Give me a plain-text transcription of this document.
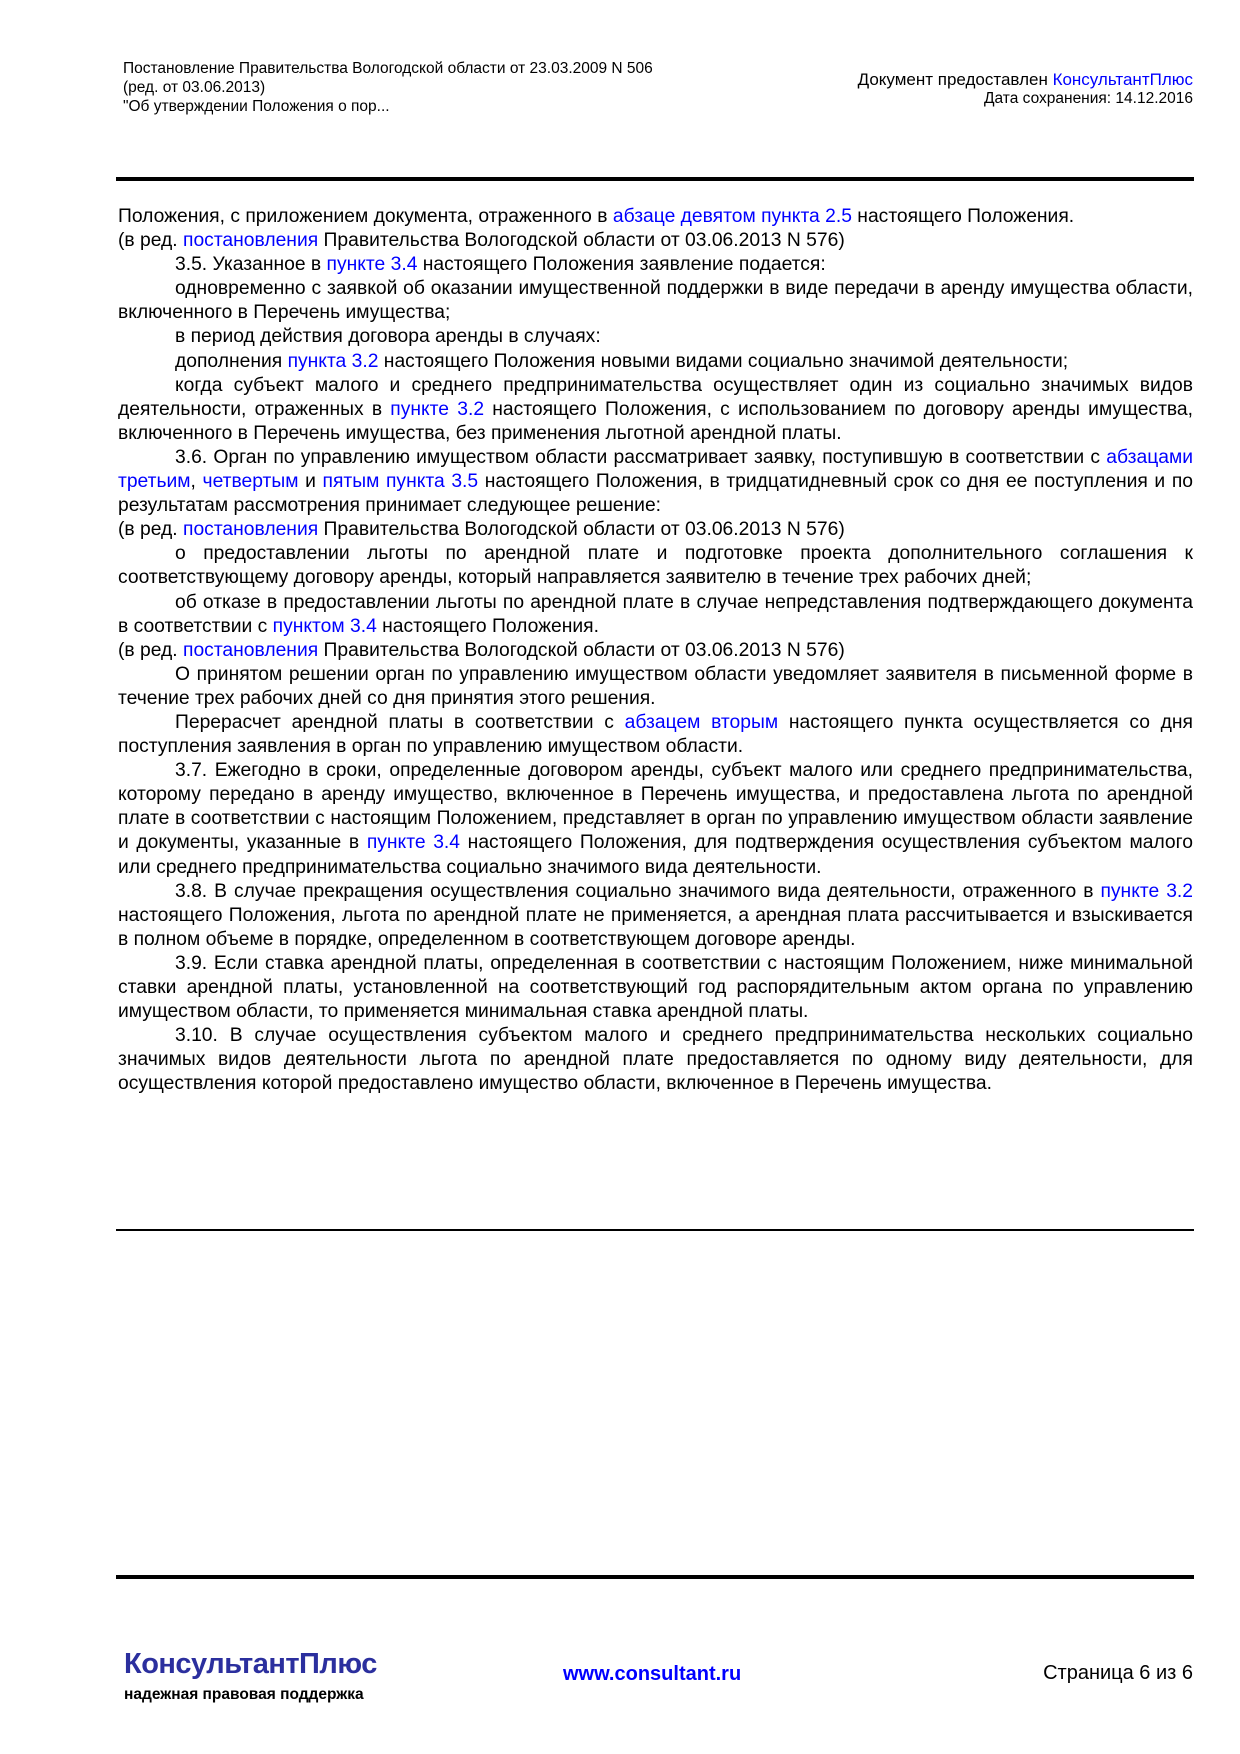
Постановление Правительства Вологодской области от 23.03.2009 N 506
(ред. от 03.06.2013)
"Об утверждении Положения о пор...
Документ предоставлен КонсультантПлюс
Дата сохранения: 14.12.2016

Положения, с приложением документа, отраженного в абзаце девятом пункта 2.5 настоящего Положения.

(в ред. постановления Правительства Вологодской области от 03.06.2013 N 576)

3.5. Указанное в пункте 3.4 настоящего Положения заявление подается:

одновременно с заявкой об оказании имущественной поддержки в виде передачи в аренду имущества области, включенного в Перечень имущества;

в период действия договора аренды в случаях:

дополнения пункта 3.2 настоящего Положения новыми видами социально значимой деятельности;

когда субъект малого и среднего предпринимательства осуществляет один из социально значимых видов деятельности, отраженных в пункте 3.2 настоящего Положения, с использованием по договору аренды имущества, включенного в Перечень имущества, без применения льготной арендной платы.

3.6. Орган по управлению имуществом области рассматривает заявку, поступившую в соответствии с абзацами третьим, четвертым и пятым пункта 3.5 настоящего Положения, в тридцатидневный срок со дня ее поступления и по результатам рассмотрения принимает следующее решение:

(в ред. постановления Правительства Вологодской области от 03.06.2013 N 576)

о предоставлении льготы по арендной плате и подготовке проекта дополнительного соглашения к соответствующему договору аренды, который направляется заявителю в течение трех рабочих дней;

об отказе в предоставлении льготы по арендной плате в случае непредставления подтверждающего документа в соответствии с пунктом 3.4 настоящего Положения.

(в ред. постановления Правительства Вологодской области от 03.06.2013 N 576)

О принятом решении орган по управлению имуществом области уведомляет заявителя в письменной форме в течение трех рабочих дней со дня принятия этого решения.

Перерасчет арендной платы в соответствии с абзацем вторым настоящего пункта осуществляется со дня поступления заявления в орган по управлению имуществом области.

3.7. Ежегодно в сроки, определенные договором аренды, субъект малого или среднего предпринимательства, которому передано в аренду имущество, включенное в Перечень имущества, и предоставлена льгота по арендной плате в соответствии с настоящим Положением, представляет в орган по управлению имуществом области заявление и документы, указанные в пункте 3.4 настоящего Положения, для подтверждения осуществления субъектом малого или среднего предпринимательства социально значимого вида деятельности.

3.8. В случае прекращения осуществления социально значимого вида деятельности, отраженного в пункте 3.2 настоящего Положения, льгота по арендной плате не применяется, а арендная плата рассчитывается и взыскивается в полном объеме в порядке, определенном в соответствующем договоре аренды.

3.9. Если ставка арендной платы, определенная в соответствии с настоящим Положением, ниже минимальной ставки арендной платы, установленной на соответствующий год распорядительным актом органа по управлению имуществом области, то применяется минимальная ставка арендной платы.

3.10. В случае осуществления субъектом малого и среднего предпринимательства нескольких социально значимых видов деятельности льгота по арендной плате предоставляется по одному виду деятельности, для осуществления которой предоставлено имущество области, включенное в Перечень имущества.

КонсультантПлюс
надежная правовая поддержка
www.consultant.ru	Страница 6 из 6
